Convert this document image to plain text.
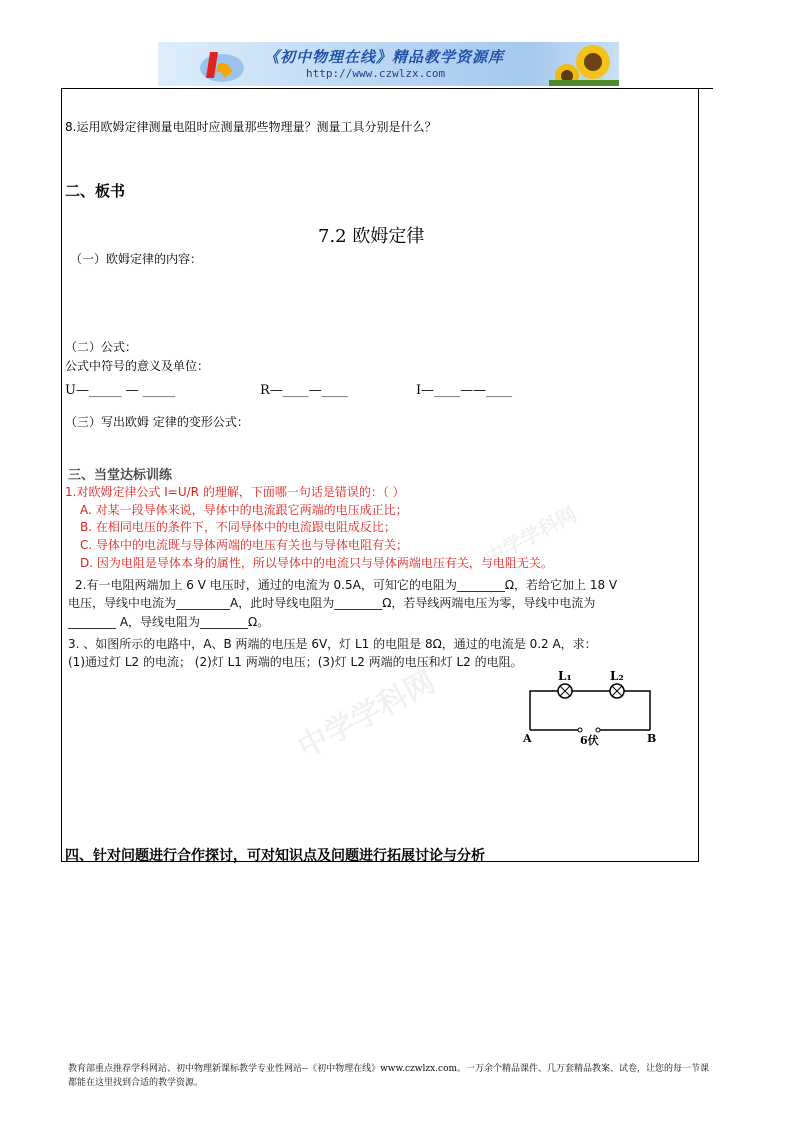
《初中物理在线》精品教学资源库
http://www.czwlzx.com
中学学科网
中学学科网
8.运用欧姆定律测量电阻时应测量那些物理量？测量工具分别是什么？
二、板书
7.2 欧姆定律
（一）欧姆定律的内容：
（二）公式：
公式中符号的意义及单位：
U—_____ — _____	R—____—____	I—____——____
（三）写出欧姆 定律的变形公式：
三、当堂达标训练
1.对欧姆定律公式 I=U/R 的理解，下面哪一句话是错误的：（ ）
A. 对某一段导体来说，导体中的电流跟它两端的电压成正比；
B. 在相同电压的条件下，不同导体中的电流跟电阻成反比；
C. 导体中的电流既与导体两端的电压有关也与导体电阻有关；
D. 因为电阻是导体本身的属性，所以导体中的电流只与导体两端电压有关，与电阻无关。
2.有一电阻两端加上 6 V 电压时，通过的电流为 0.5A，可知它的电阻为________Ω，若给它加上 18 V
电压，导线中电流为_________A，此时导线电阻为________Ω，若导线两端电压为零，导线中电流为
________ A，导线电阻为________Ω。
3. 、如图所示的电路中，A、B 两端的电压是 6V，灯 L1 的电阻是 8Ω，通过的电流是 0.2 A，求：
(1)通过灯 L2 的电流； (2)灯 L1 两端的电压；(3)灯 L2 两端的电压和灯 L2 的电阻。
L₁	L₂
A	B
6伏
四、针对问题进行合作探讨，可对知识点及问题进行拓展讨论与分析
教育部重点推荐学科网站、初中物理新课标教学专业性网站--《初中物理在线》www.czwlzx.com。一万余个精品课件、几万套精品教案、试卷，让您的每一节课都能在这里找到合适的教学资源。
